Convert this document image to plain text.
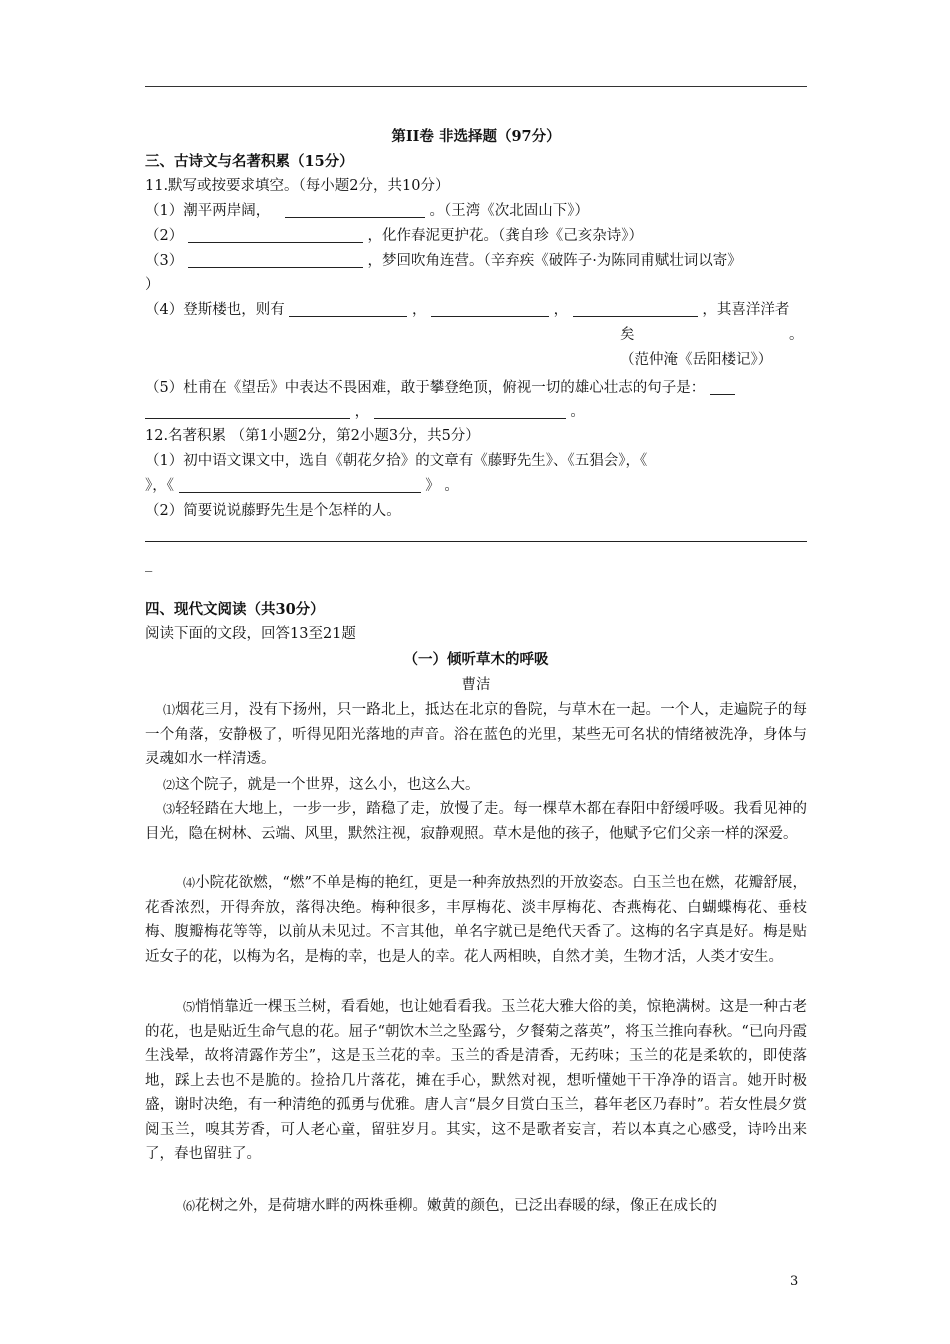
第II卷 非选择题（97分）
三、古诗文与名著积累（15分）
11.默写或按要求填空。（每小题2分，共10分）
（1）潮平两岸阔，	。（王湾《次北固山下》）
（2）	，化作春泥更护花。（龚自珍《己亥杂诗》）
（3）	，梦回吹角连营。（辛弃疾《破阵子·为陈同甫赋壮词以寄》
）
（4）登斯楼也，则有	，	，	，其喜洋洋者
矣	。
（范仲淹《岳阳楼记》）
（5）杜甫在《望岳》中表达不畏困难，敢于攀登绝顶，俯视一切的雄心壮志的句子是：
，	。
12.名著积累 （第1小题2分，第2小题3分，共5分）
（1）初中语文课文中，选自《朝花夕拾》的文章有《藤野先生》、《五猖会》，《
》，《	》 。
（2）简要说说藤野先生是个怎样的人。
_
四、现代文阅读（共30分）
阅读下面的文段，回答13至21题
（一）倾听草木的呼吸
曹洁
⑴烟花三月，没有下扬州，只一路北上，抵达在北京的鲁院，与草木在一起。一个人，走遍院子的每一个角落，安静极了，听得见阳光落地的声音。浴在蓝色的光里，某些无可名状的情绪被洗净，身体与灵魂如水一样清透。
⑵这个院子，就是一个世界，这么小，也这么大。
⑶轻轻踏在大地上，一步一步，踏稳了走，放慢了走。每一棵草木都在春阳中舒缓呼吸。我看见神的目光，隐在树林、云端、风里，默然注视，寂静观照。草木是他的孩子，他赋予它们父亲一样的深爱。
⑷小院花欲燃，“燃”不单是梅的艳红，更是一种奔放热烈的开放姿态。白玉兰也在燃，花瓣舒展，花香浓烈，开得奔放，落得决绝。梅种很多，丰厚梅花、淡丰厚梅花、杏燕梅花、白蝴蝶梅花、垂枝梅、腹瓣梅花等等，以前从未见过。不言其他，单名字就已是绝代天香了。这梅的名字真是好。梅是贴近女子的花，以梅为名，是梅的幸，也是人的幸。花人两相映，自然才美，生物才活，人类才安生。
⑸悄悄靠近一棵玉兰树，看看她，也让她看看我。玉兰花大雅大俗的美，惊艳满树。这是一种古老的花，也是贴近生命气息的花。屈子“朝饮木兰之坠露兮，夕餐菊之落英”，将玉兰推向春秋。“已向丹霞生浅晕，故将清露作芳尘”，这是玉兰花的幸。玉兰的香是清香，无药味；玉兰的花是柔软的，即使落地，踩上去也不是脆的。捡拾几片落花，摊在手心，默然对视，想听懂她干干净净的语言。她开时极盛，谢时决绝，有一种清绝的孤勇与优雅。唐人言“晨夕目赏白玉兰，暮年老区乃春时”。若女性晨夕赏阅玉兰，嗅其芳香，可人老心童，留驻岁月。其实，这不是歌者妄言，若以本真之心感受，诗吟出来了，春也留驻了。
⑹花树之外，是荷塘水畔的两株垂柳。嫩黄的颜色，已泛出春暖的绿，像正在成长的
3
